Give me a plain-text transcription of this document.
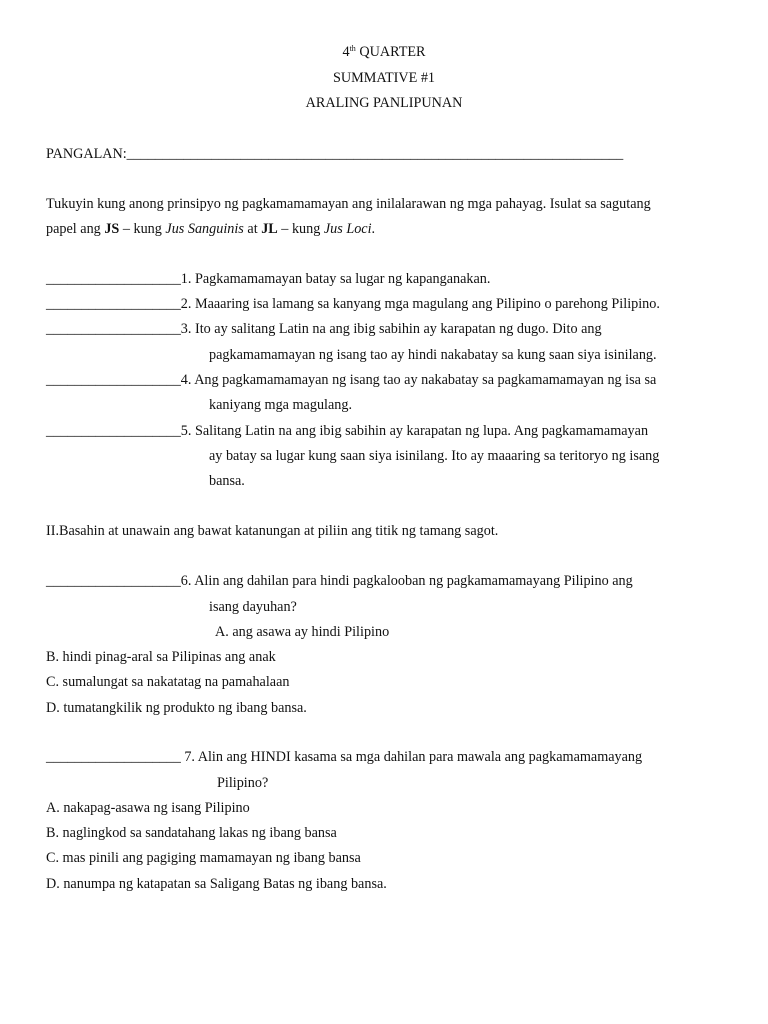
4th QUARTER
SUMMATIVE #1
ARALING PANLIPUNAN
PANGALAN:______________________________________________________________________
Tukuyin kung anong prinsipyo ng pagkamamamayan ang inilalarawan ng mga pahayag. Isulat sa sagutang
papel ang JS – kung Jus Sanguinis at JL – kung Jus Loci.
___________________1. Pagkamamamayan batay sa lugar ng kapanganakan.
___________________2. Maaaring isa lamang sa kanyang mga magulang ang Pilipino o parehong Pilipino.
___________________3. Ito ay salitang Latin na ang ibig sabihin ay karapatan ng dugo. Dito ang
pagkamamamayan ng isang tao ay hindi nakabatay sa kung saan siya isinilang.
___________________4. Ang pagkamamamayan ng isang tao ay nakabatay sa pagkamamamayan ng isa sa
kaniyang mga magulang.
___________________5. Salitang Latin na ang ibig sabihin ay karapatan ng lupa. Ang pagkamamamayan
ay batay sa lugar kung saan siya isinilang. Ito ay maaaring sa teritoryo ng isang
bansa.
II.Basahin at unawain ang bawat katanungan at piliin ang titik ng tamang sagot.
___________________6. Alin ang dahilan para hindi pagkalooban ng pagkamamamayang Pilipino ang
isang dayuhan?
A. ang asawa ay hindi Pilipino
B. hindi pinag-aral sa Pilipinas ang anak
C. sumalungat sa nakatatag na pamahalaan
D. tumatangkilik ng produkto ng ibang bansa.
___________________ 7. Alin ang HINDI kasama sa mga dahilan para mawala ang pagkamamamayang
Pilipino?
A. nakapag-asawa ng isang Pilipino
B. naglingkod sa sandatahang lakas ng ibang bansa
C. mas pinili ang pagiging mamamayan ng ibang bansa
D. nanumpa ng katapatan sa Saligang Batas ng ibang bansa.
